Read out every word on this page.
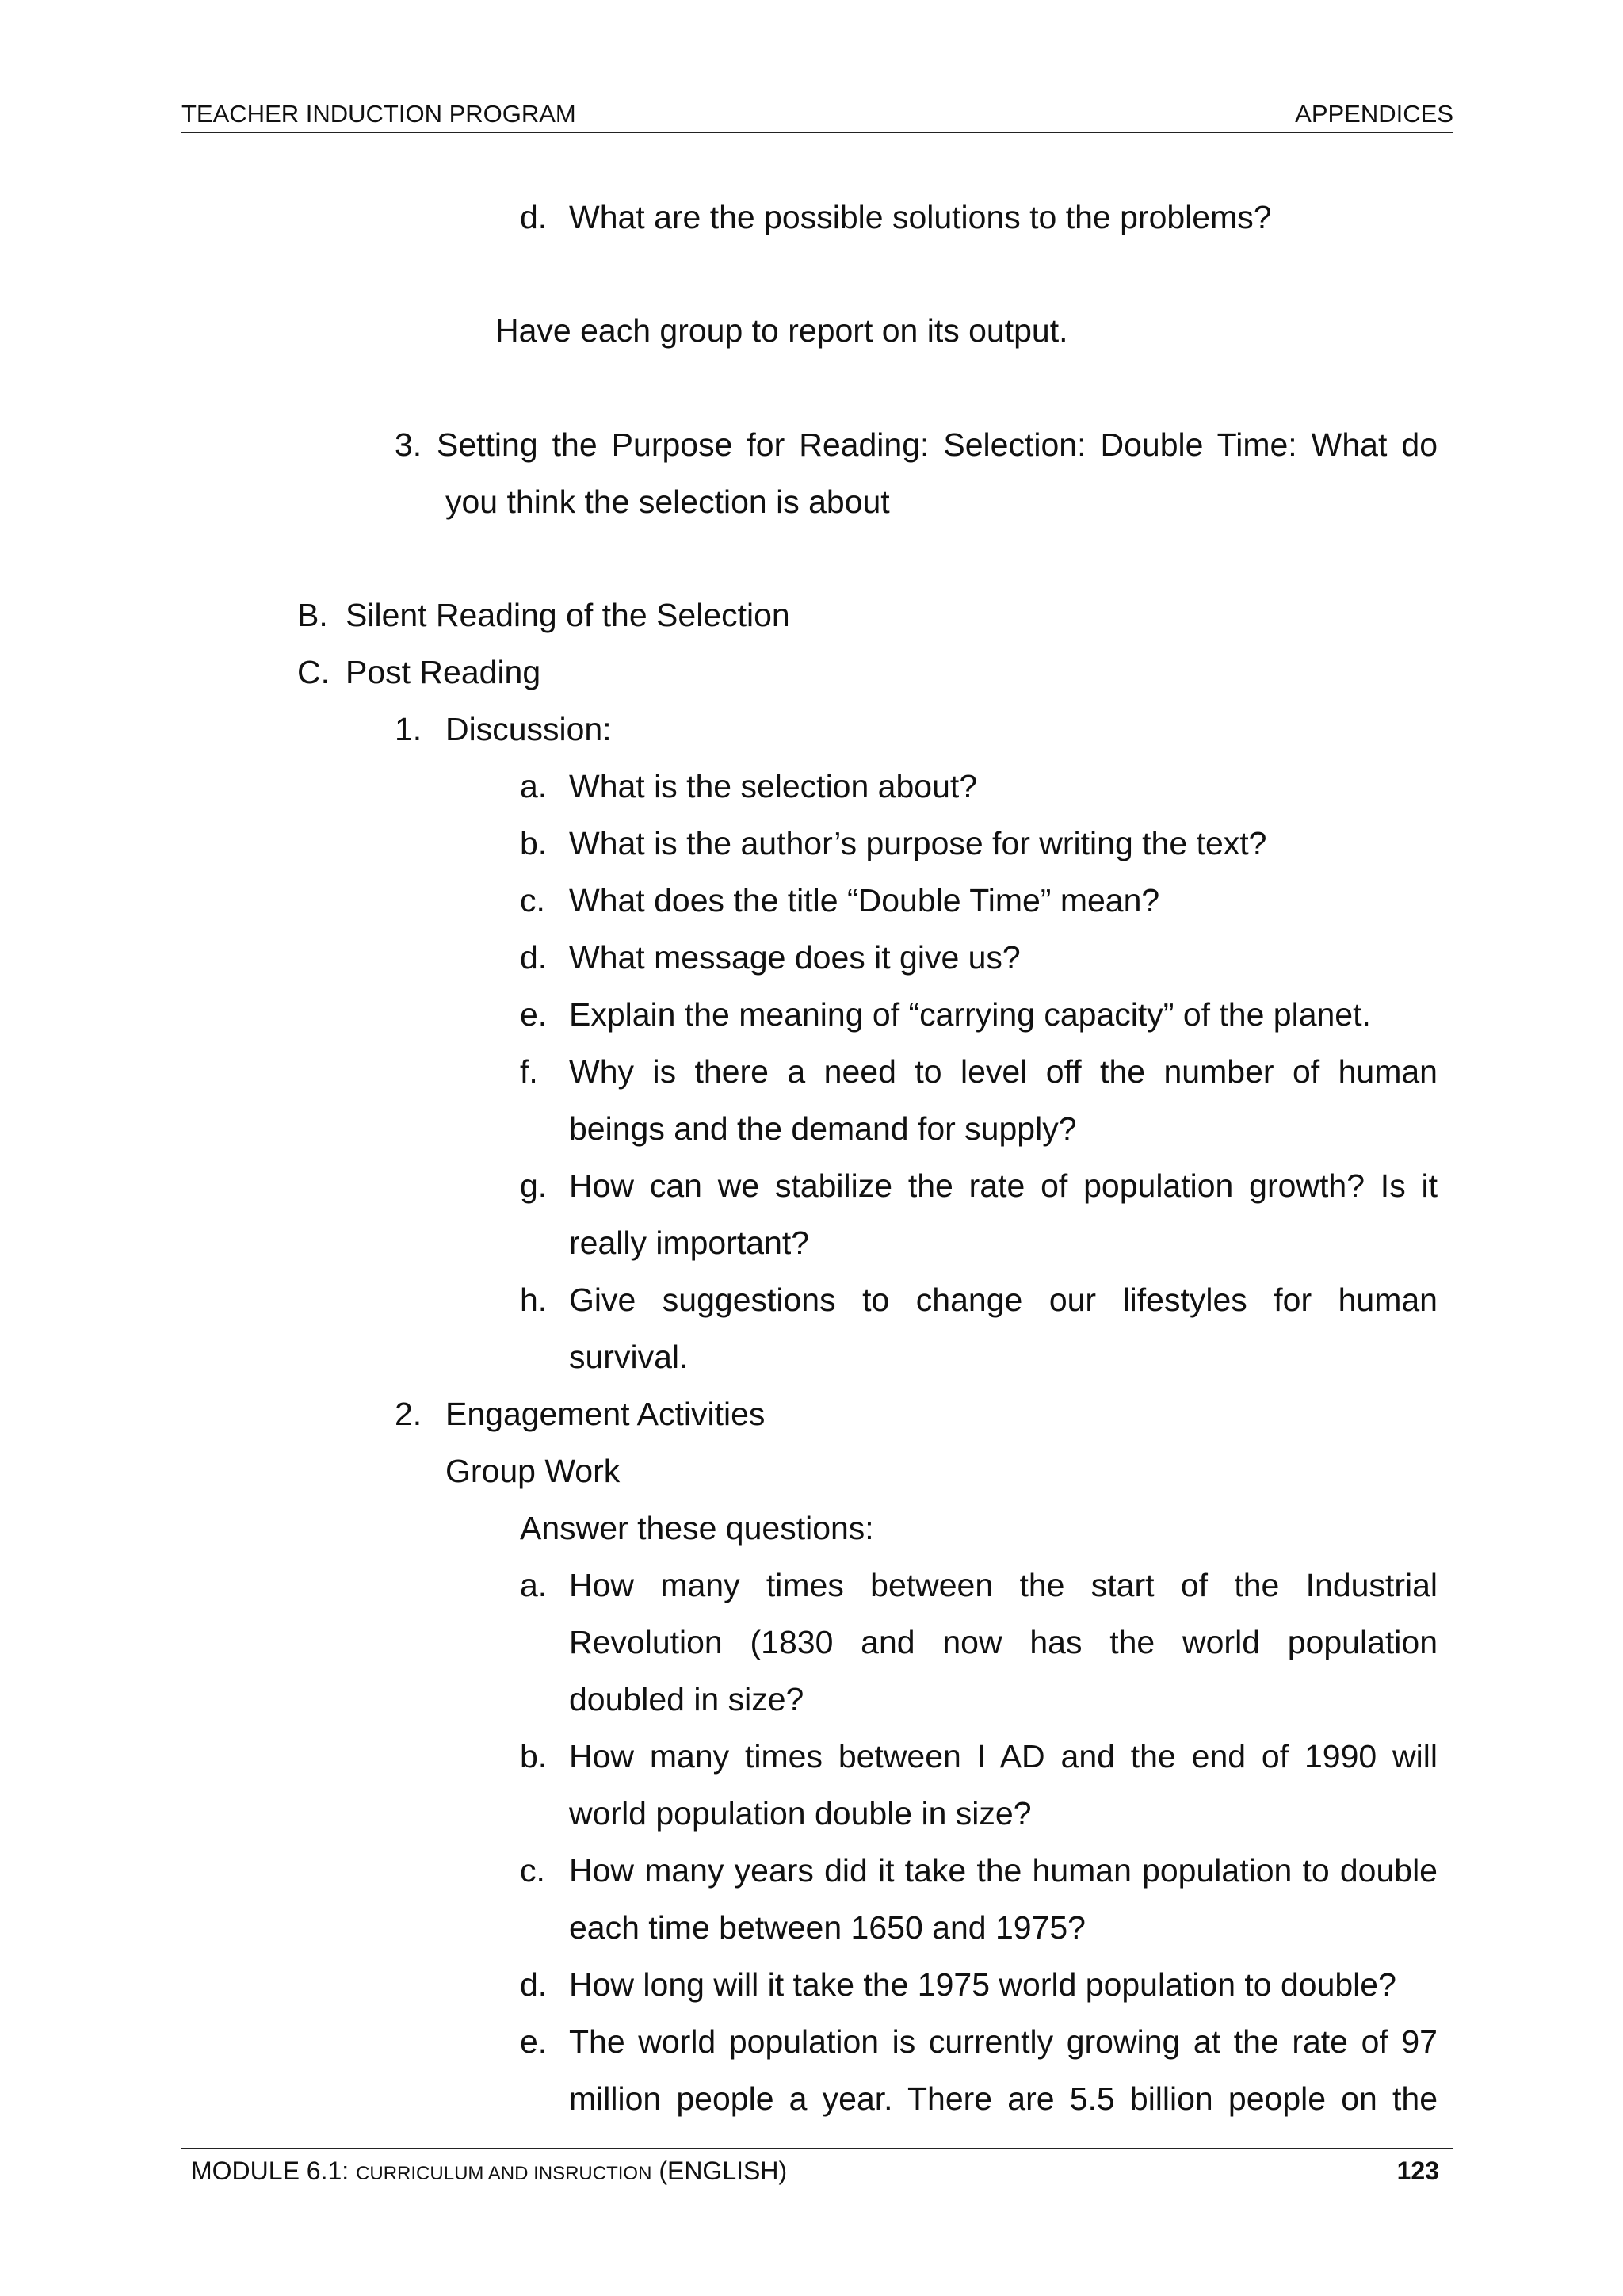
TEACHER INDUCTION PROGRAM	APPENDICES
d. What are the possible solutions to the problems?
Have each group to report on its output.
3. Setting the Purpose for Reading: Selection: Double Time: What do
you think the selection is about
B. Silent Reading of the Selection
C. Post Reading
1. Discussion:
a. What is the selection about?
b. What is the author’s purpose for writing the text?
c. What does the title “Double Time” mean?
d. What message does it give us?
e. Explain the meaning of “carrying capacity” of the planet.
f. Why is there a need to level off the number of human
beings and the demand for supply?
g. How can we stabilize the rate of population growth? Is it
really important?
h. Give suggestions to change our lifestyles for human
survival.
2. Engagement Activities
Group Work
Answer these questions:
a. How many times between the start of the Industrial
Revolution (1830 and now has the world population
doubled in size?
b. How many times between I AD and the end of 1990 will
world population double in size?
c. How many years did it take the human population to double
each time between 1650 and 1975?
d. How long will it take the 1975 world population to double?
e. The world population is currently growing at the rate of 97
million people a year. There are 5.5 billion people on the
MODULE 6.1: CURRICULUM AND INSRUCTION (ENGLISH)	123
